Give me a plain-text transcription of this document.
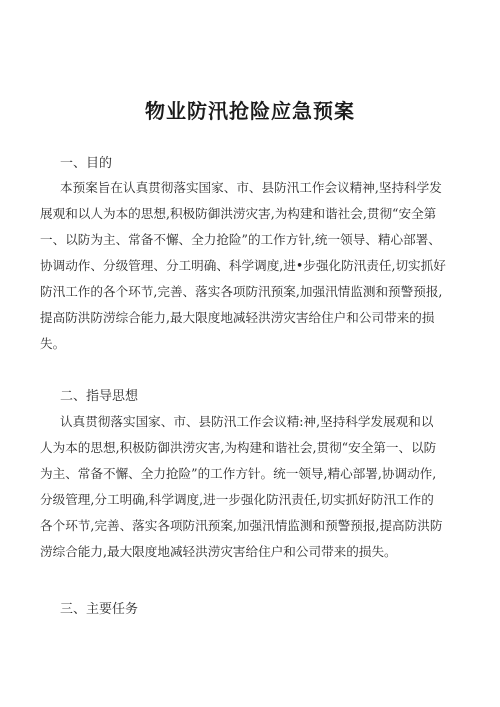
物业防汛抢险应急预案
一、目的
本预案旨在认真贯彻落实国家、市、县防汛工作会议精神,坚持科学发
展观和以人为本的思想,积极防御洪涝灾害,为构建和谐社会,贯彻“安全第
一、以防为主、常备不懈、全力抢险”的工作方针,统一领导、精心部署、
协调动作、分级管理、分工明确、科学调度,进•步强化防汛责任,切实抓好
防汛工作的各个环节,完善、落实各项防汛预案,加强汛情监测和预警预报,
提高防洪防涝综合能力,最大限度地减轻洪涝灾害给住户和公司带来的损
失。
二、指导思想
认真贯彻落实国家、市、县防汛工作会议精:神,坚持科学发展观和以
人为本的思想,积极防御洪涝灾害,为构建和谐社会,贯彻“安全第一、以防
为主、常备不懈、全力抢险”的工作方针。统一领导,精心部署,协调动作,
分级管理,分工明确,科学调度,进一步强化防汛责任,切实抓好防汛工作的
各个环节,完善、落实各项防汛预案,加强汛情监测和预警预报,提高防洪防
涝综合能力,最大限度地减轻洪涝灾害给住户和公司带来的损失。
三、主要任务
